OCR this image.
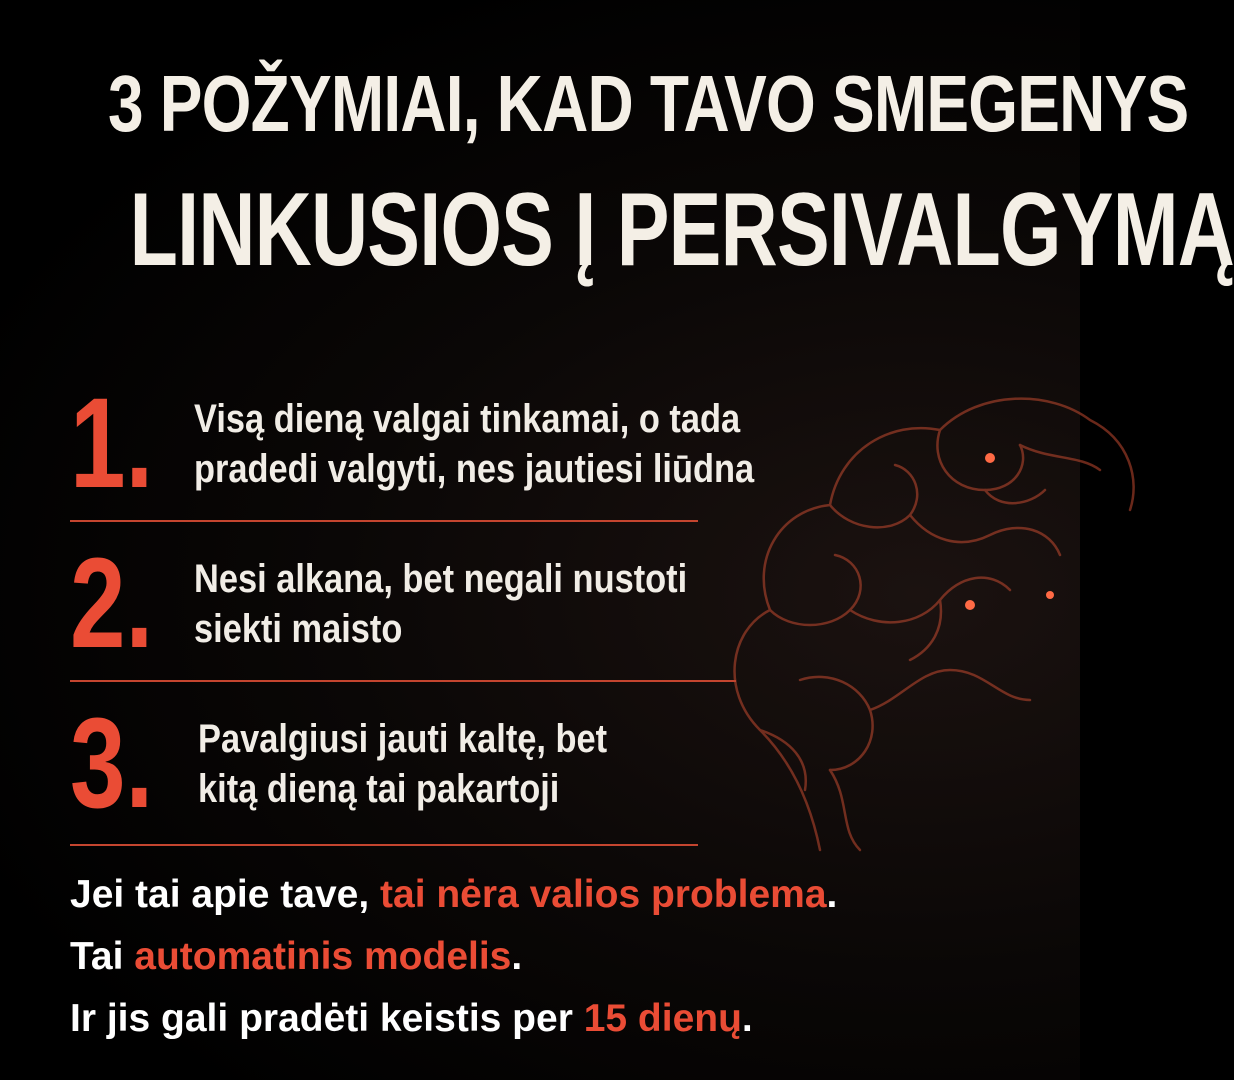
3 POŽYMIAI, KAD TAVO SMEGENYS
LINKUSIOS Į PERSIVALGYMĄ
1. Visą dieną valgai tinkamai, o tada
pradedi valgyti, nes jautiesi liūdna
2. Nesi alkana, bet negali nustoti
siekti maisto
3. Pavalgiusi jauti kaltę, bet
kitą dieną tai pakartoji
Jei tai apie tave, tai nėra valios problema.
Tai automatinis modelis.
Ir jis gali pradėti keistis per 15 dienų.
